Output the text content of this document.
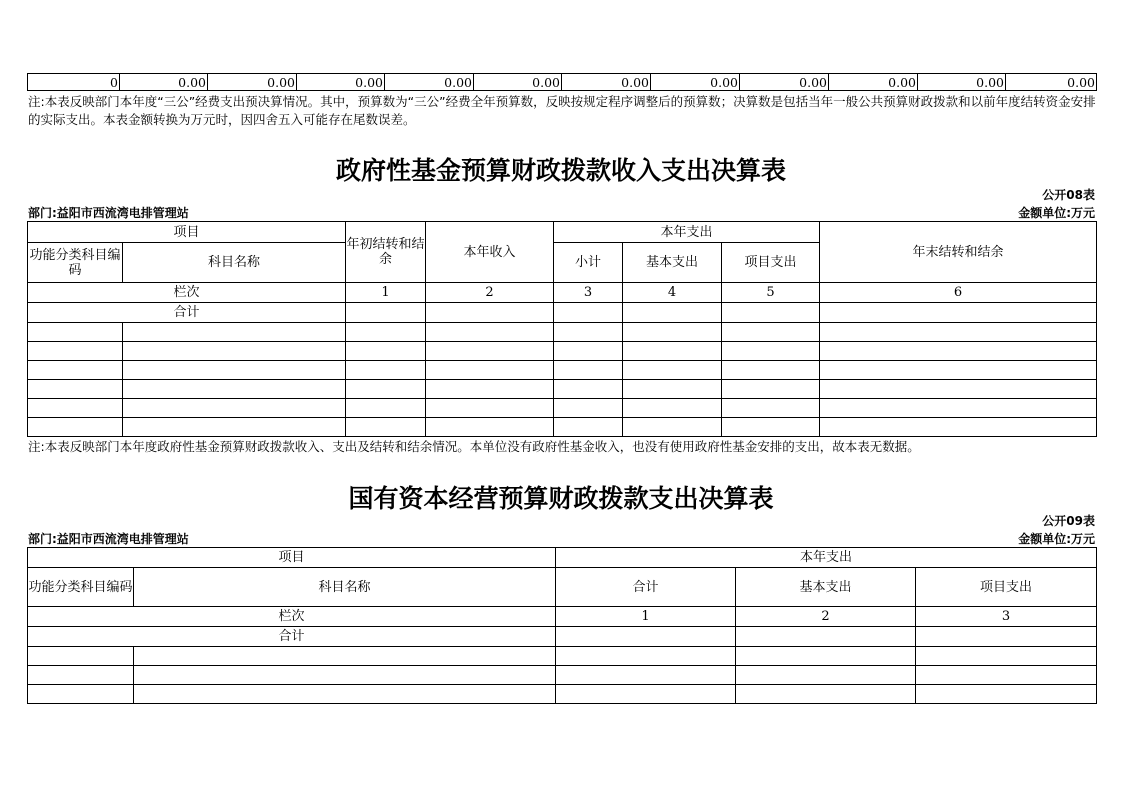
0	0.00	0.00	0.00	0.00	0.00	0.00	0.00	0.00	0.00	0.00	0.00
注:本表反映部门本年度“三公”经费支出预决算情况。其中，预算数为“三公”经费全年预算数，反映按规定程序调整后的预算数；决算数是包括当年一般公共预算财政拨款和以前年度结转资金安排的实际支出。本表金额转换为万元时，因四舍五入可能存在尾数误差。
政府性基金预算财政拨款收入支出决算表
公开08表
部门:益阳市西流湾电排管理站	金额单位:万元
项目		年初结转和结余	本年收入	本年支出			年末结转和结余
功能分类科目编码	科目名称			小计	基本支出	项目支出	
栏次		1	2	3	4	5	6
合计							

注:本表反映部门本年度政府性基金预算财政拨款收入、支出及结转和结余情况。本单位没有政府性基金收入，也没有使用政府性基金安排的支出，故本表无数据。
国有资本经营预算财政拨款支出决算表
公开09表
部门:益阳市西流湾电排管理站	金额单位:万元
项目		本年支出		
功能分类科目编码	科目名称	合计	基本支出	项目支出
栏次		1	2	3
合计				
